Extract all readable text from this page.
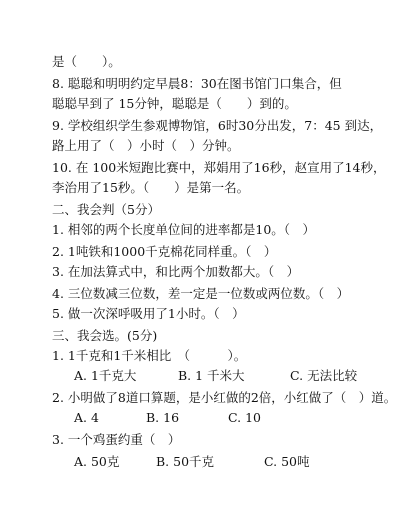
是（　　）。
8. 聪聪和明明约定早晨8：30在图书馆门口集合，但
聪聪早到了 15分钟，聪聪是（　　）到的。
9. 学校组织学生参观博物馆，6时30分出发，7：45 到达，
路上用了（　）小时（　）分钟。
10. 在 100米短跑比赛中，郑娟用了16秒，赵宣用了14秒，
李治用了15秒。（　　）是第一名。
二、我会判（5分）
1. 相邻的两个长度单位间的进率都是10。（　）
2. 1吨铁和1000千克棉花同样重。（　）
3. 在加法算式中，和比两个加数都大。（　）
4. 三位数减三位数，差一定是一位数或两位数。（　）
5. 做一次深呼吸用了1小时。（　）
三、我会选。(5分)
1. 1千克和1千米相比　（　　　）。
A. 1千克大	B. 1 千米大	C. 无法比较
2. 小明做了8道口算题，是小红做的2倍，小红做了（　）道。
A. 4	B. 16	C. 10
3. 一个鸡蛋约重（　）
A. 50克	B. 50千克	C. 50吨
